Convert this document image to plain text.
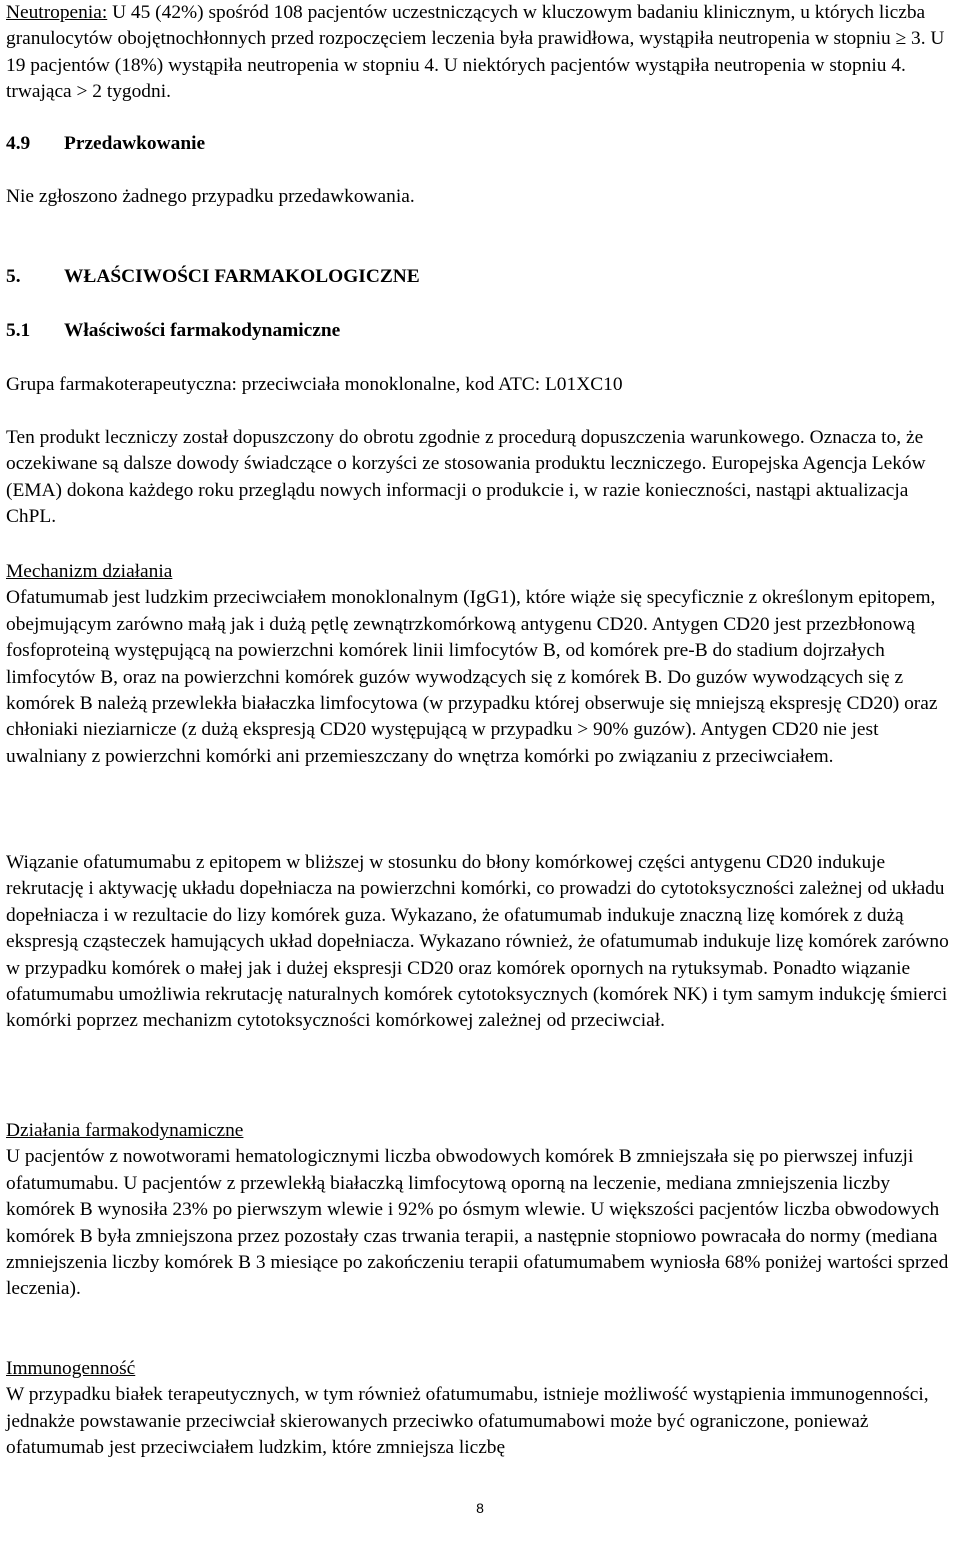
Neutropenia: U 45 (42%) spośród 108 pacjentów uczestniczących w kluczowym badaniu klinicznym, u których liczba granulocytów obojętnochłonnych przed rozpoczęciem leczenia była prawidłowa, wystąpiła neutropenia w stopniu ≥ 3. U 19 pacjentów (18%) wystąpiła neutropenia w stopniu 4. U niektórych pacjentów wystąpiła neutropenia w stopniu 4. trwająca > 2 tygodni.

4.9 Przedawkowanie

Nie zgłoszono żadnego przypadku przedawkowania.

5. WŁAŚCIWOŚCI FARMAKOLOGICZNE

5.1 Właściwości farmakodynamiczne

Grupa farmakoterapeutyczna: przeciwciała monoklonalne, kod ATC: L01XC10

Ten produkt leczniczy został dopuszczony do obrotu zgodnie z procedurą dopuszczenia warunkowego. Oznacza to, że oczekiwane są dalsze dowody świadczące o korzyści ze stosowania produktu leczniczego. Europejska Agencja Leków (EMA) dokona każdego roku przeglądu nowych informacji o produkcie i, w razie konieczności, nastąpi aktualizacja ChPL.

Mechanizm działania

Ofatumumab jest ludzkim przeciwciałem monoklonalnym (IgG1), które wiąże się specyficznie z określonym epitopem, obejmującym zarówno małą jak i dużą pętlę zewnątrzkomórkową antygenu CD20. Antygen CD20 jest przezbłonową fosfoproteiną występującą na powierzchni komórek linii limfocytów B, od komórek pre-B do stadium dojrzałych limfocytów B, oraz na powierzchni komórek guzów wywodzących się z komórek B. Do guzów wywodzących się z komórek B należą przewlekła białaczka limfocytowa (w przypadku której obserwuje się mniejszą ekspresję CD20) oraz chłoniaki nieziarnicze (z dużą ekspresją CD20 występującą w przypadku > 90% guzów). Antygen CD20 nie jest uwalniany z powierzchni komórki ani przemieszczany do wnętrza komórki po związaniu z przeciwciałem.

Wiązanie ofatumumabu z epitopem w bliższej w stosunku do błony komórkowej części antygenu CD20 indukuje rekrutację i aktywację układu dopełniacza na powierzchni komórki, co prowadzi do cytotoksyczności zależnej od układu dopełniacza i w rezultacie do lizy komórek guza. Wykazano, że ofatumumab indukuje znaczną lizę komórek z dużą ekspresją cząsteczek hamujących układ dopełniacza. Wykazano również, że ofatumumab indukuje lizę komórek zarówno w przypadku komórek o małej jak i dużej ekspresji CD20 oraz komórek opornych na rytuksymab. Ponadto wiązanie ofatumumabu umożliwia rekrutację naturalnych komórek cytotoksycznych (komórek NK) i tym samym indukcję śmierci komórki poprzez mechanizm cytotoksyczności komórkowej zależnej od przeciwciał.

Działania farmakodynamiczne

U pacjentów z nowotworami hematologicznymi liczba obwodowych komórek B zmniejszała się po pierwszej infuzji ofatumumabu. U pacjentów z przewlekłą białaczką limfocytową oporną na leczenie, mediana zmniejszenia liczby komórek B wynosiła 23% po pierwszym wlewie i 92% po ósmym wlewie. U większości pacjentów liczba obwodowych komórek B była zmniejszona przez pozostały czas trwania terapii, a następnie stopniowo powracała do normy (mediana zmniejszenia liczby komórek B 3 miesiące po zakończeniu terapii ofatumumabem wyniosła 68% poniżej wartości sprzed leczenia).

Immunogenność

W przypadku białek terapeutycznych, w tym również ofatumumabu, istnieje możliwość wystąpienia immunogenności, jednakże powstawanie przeciwciał skierowanych przeciwko ofatumumabowi może być ograniczone, ponieważ ofatumumab jest przeciwciałem ludzkim, które zmniejsza liczbę

8
